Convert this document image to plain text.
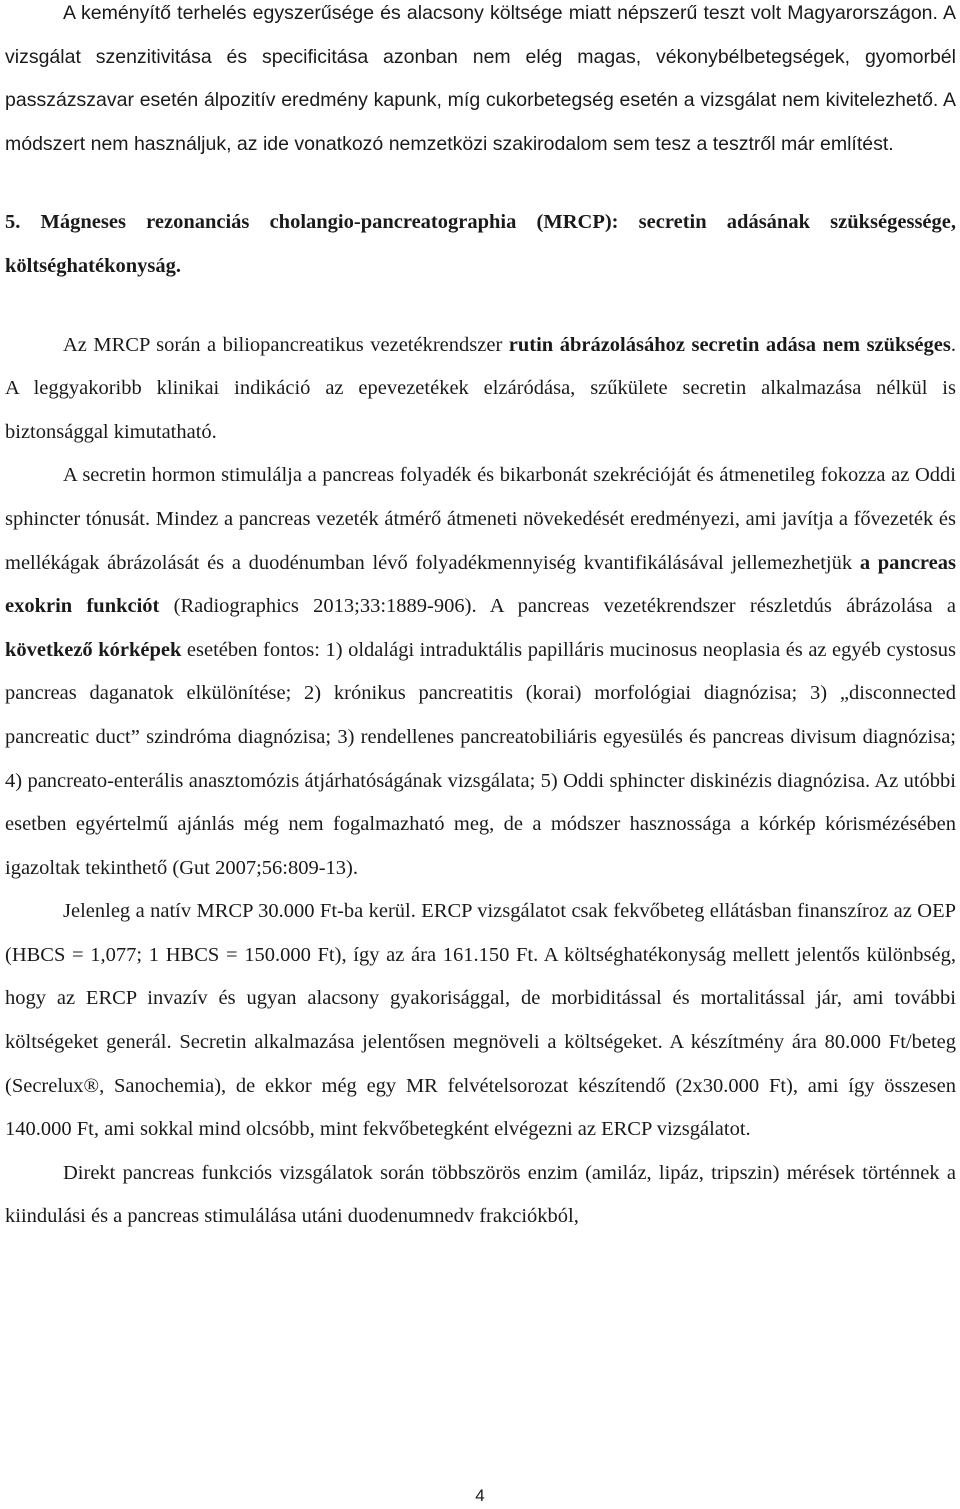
A keményítő terhelés egyszerűsége és alacsony költsége miatt népszerű teszt volt Magyarországon. A vizsgálat szenzitivitása és specificitása azonban nem elég magas, vékonybélbetegségek, gyomorbél passzázszavar esetén álpozitív eredmény kapunk, míg cukorbetegség esetén a vizsgálat nem kivitelezhető. A módszert nem használjuk, az ide vonatkozó nemzetközi szakirodalom sem tesz a tesztről már említést.

5. Mágneses rezonanciás cholangio-pancreatographia (MRCP): secretin adásának szükségessége, költséghatékonyság.

Az MRCP során a biliopancreatikus vezetékrendszer rutin ábrázolásához secretin adása nem szükséges. A leggyakoribb klinikai indikáció az epevezetékek elzáródása, szűkülete secretin alkalmazása nélkül is biztonsággal kimutatható.

A secretin hormon stimulálja a pancreas folyadék és bikarbonát szekrécióját és átmenetileg fokozza az Oddi sphincter tónusát. Mindez a pancreas vezeték átmérő átmeneti növekedését eredményezi, ami javítja a fővezeték és mellékágak ábrázolását és a duodénumban lévő folyadékmennyiség kvantifikálásával jellemezhetjük a pancreas exokrin funkciót (Radiographics 2013;33:1889-906). A pancreas vezetékrendszer részletdús ábrázolása a következő kórképek esetében fontos: 1) oldalági intraduktális papilláris mucinosus neoplasia és az egyéb cystosus pancreas daganatok elkülönítése; 2) krónikus pancreatitis (korai) morfológiai diagnózisa; 3) „disconnected pancreatic duct” szindróma diagnózisa; 3) rendellenes pancreatobiliáris egyesülés és pancreas divisum diagnózisa; 4) pancreato-enterális anasztomózis átjárhatóságának vizsgálata; 5) Oddi sphincter diskinézis diagnózisa. Az utóbbi esetben egyértelmű ajánlás még nem fogalmazható meg, de a módszer hasznossága a kórkép kórismézésében igazoltak tekinthető (Gut 2007;56:809-13).

Jelenleg a natív MRCP 30.000 Ft-ba kerül. ERCP vizsgálatot csak fekvőbeteg ellátásban finanszíroz az OEP (HBCS = 1,077; 1 HBCS = 150.000 Ft), így az ára 161.150 Ft. A költséghatékonyság mellett jelentős különbség, hogy az ERCP invazív és ugyan alacsony gyakorisággal, de morbiditással és mortalitással jár, ami további költségeket generál. Secretin alkalmazása jelentősen megnöveli a költségeket. A készítmény ára 80.000 Ft/beteg (Secrelux®, Sanochemia), de ekkor még egy MR felvételsorozat készítendő (2x30.000 Ft), ami így összesen 140.000 Ft, ami sokkal mind olcsóbb, mint fekvőbetegként elvégezni az ERCP vizsgálatot.

Direkt pancreas funkciós vizsgálatok során többszörös enzim (amiláz, lipáz, tripszin) mérések történnek a kiindulási és a pancreas stimulálása utáni duodenumnedv frakciókból,

4
